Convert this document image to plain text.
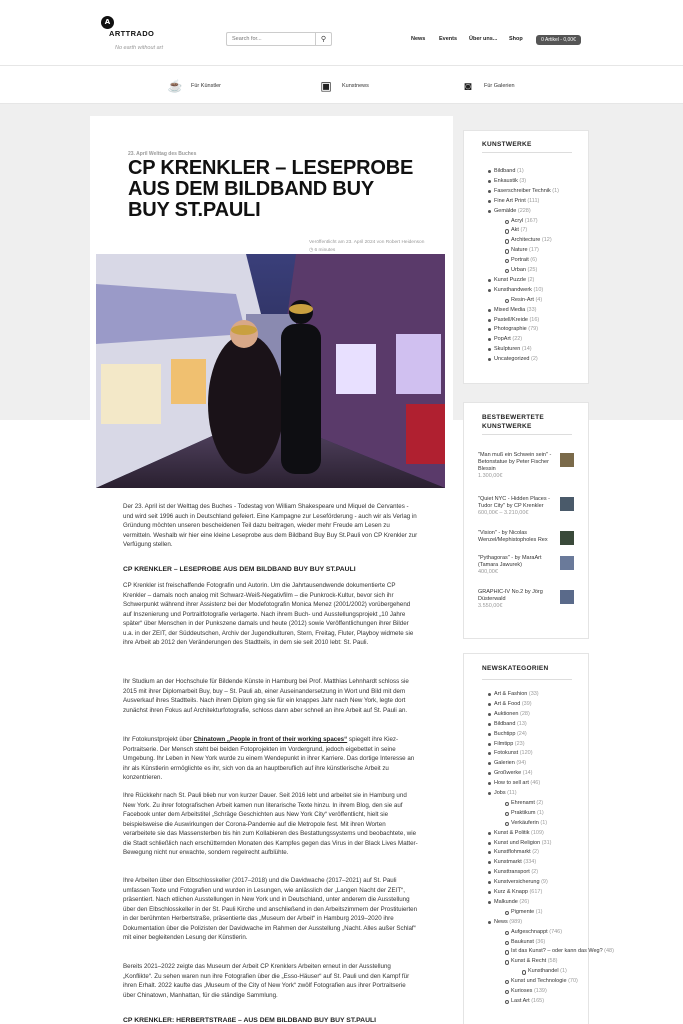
A
ARTTRADO
No earth without art
Search for...
⚲	News Events Über uns... Shop	0 Artikel - 0,00€
☕ Für Künstler	▣	Kunstnews	◙	Für Galerien
23. April Welttag des Buches
CP KRENKLER – LESEPROBE AUS DEM BILDBAND BUY BUY ST.PAULI
Veröffentlicht am 23. April 2024 von Robert Heidenson
◷ 6 minutes

Der 23. April ist der Welttag des Buches - Todestag von William Shakespeare und Miquel de Cervantes - und wird seit 1996 auch in Deutschland gefeiert. Eine Kampagne zur Leseförderung - auch wir als Verlag in Gründung möchten unseren bescheidenen Teil dazu beitragen, wieder mehr Freude am Lesen zu vermitteln. Weshalb wir hier eine kleine Leseprobe aus dem Bildband Buy Buy St.Pauli von CP Krenkler zur Verfügung stellen.

CP KRENKLER – LESEPROBE AUS DEM BILDBAND BUY BUY ST.PAULI

CP Krenkler ist freischaffende Fotografin und Autorin. Um die Jahrtausendwende dokumentierte CP Krenkler – damals noch analog mit Schwarz-Weiß-Negativfilm – die Punkrock-Kultur, bevor sich ihr Schwerpunkt während ihrer Assistenz bei der Modefotografin Monica Menez (2001/2002) vorübergehend auf Inszenierung und Portraitfotografie verlagerte. Nach ihrem Buch- und Ausstellungsprojekt „10 Jahre später“ über Menschen in der Punkszene damals und heute (2012) sowie Veröffentlichungen ihrer Bilder u.a. in der ZEIT, der Süddeutschen, Archiv der Jugendkulturen, Stern, Freitag, Fluter, Playboy widmete sie ihre Arbeit ab 2012 den Veränderungen des Stadtteils, in dem sie seit 2010 lebt: St. Pauli.

Ihr Studium an der Hochschule für Bildende Künste in Hamburg bei Prof. Matthias Lehnhardt schloss sie 2015 mit ihrer Diplomarbeit Buy, buy – St. Pauli ab, einer Auseinandersetzung in Wort und Bild mit dem Ausverkauf ihres Stadtteils. Nach ihrem Diplom ging sie für ein knappes Jahr nach New York, legte dort zunächst ihren Fokus auf Architekturfotografie, schloss dann aber schnell an ihre Arbeit auf St. Pauli an.

Ihr Fotokunstprojekt über Chinatown „People in front of their working spaces“ spiegelt ihre Kiez-Portraitserie. Der Mensch steht bei beiden Fotoprojekten im Vordergrund, jedoch eigebettet in seine Umgebung. Ihr Leben in New York wurde zu einem Wendepunkt in ihrer Karriere. Das dortige Interesse an ihr als Künstlerin ermöglichte es ihr, sich von da an hauptberuflich auf ihre künstlerische Arbeit zu konzentrieren.

Ihre Rückkehr nach St. Pauli blieb nur von kurzer Dauer. Seit 2016 lebt und arbeitet sie in Hamburg und New York. Zu ihrer fotografischen Arbeit kamen nun literarische Texte hinzu. In ihrem Blog, den sie auf Facebook unter dem Arbeitstitel „Schräge Geschichten aus New York City“ veröffentlicht, hielt sie beispielsweise die Auswirkungen der Corona-Pandemie auf die Metropole fest. Mit ihren Worten verarbeitete sie das Massensterben bis hin zum Kollabieren des Bestattungssystems und beobachtete, wie die Stadt schließlich nach erschütternden Monaten des Kampfes gegen das Virus in der Black Lives Matter-Bewegung nicht nur erwachte, sondern regelrecht aufblühte.

Ihre Arbeiten über den Elbschlosskeller (2017–2018) und die Davidwache (2017–2021) auf St. Pauli umfassen Texte und Fotografien und wurden in Lesungen, wie anlässlich der „Langen Nacht der ZEIT“, präsentiert. Nach etlichen Ausstellungen in New York und in Deutschland, unter anderem die Ausstellung über den Elbschlosskeller in der St. Pauli Kirche und anschließend in den Arbeitszimmern der Prostituierten in der berühmten Herbertstraße, präsentierte das „Museum der Arbeit“ in Hamburg 2019–2020 ihre Dokumentation über die Polizisten der Davidwache im Rahmen der Ausstellung „Nacht. Alles außer Schlaf“ mit einer begleitenden Lesung der Künstlerin.

Bereits 2021–2022 zeigte das Museum der Arbeit CP Krenklers Arbeiten erneut in der Ausstellung „Konflikte“. Zu sehen waren nun ihre Fotografien über die „Esso-Häuser“ auf St. Pauli und den Kampf für ihren Erhalt. 2022 kaufte das „Museum of the City of New York“ zwölf Fotografien aus ihrer Portraitserie über Chinatown, Manhattan, für die ständige Sammlung.

CP KRENKLER: HERBERTSTRAßE – AUS DEM BILDBAND BUY BUY ST.PAULI
KUNSTWERKE
Bildband (1)
Enkaustik (3)
Faserschreiber Technik (1)
Fine Art Print (111)
Gemälde (228)
Acryl (167)
Akt (7)
Architecture (12)
Nature (17)
Portrait (6)
Urban (25)
Kunst Puzzle (2)
Kunsthandwerk (10)
Resin-Art (4)
Mixed Media (33)
Pastell/Kreide (16)
Photographie (79)
PopArt (22)
Skulpturen (14)
Uncategorized (2)
BESTBEWERTETE KUNSTWERKE
"Man muß ein Schwein sein" - Betonstatue by Peter Fischer Blessin
1.300,00€
"Quiet NYC - Hidden Places - Tudor City" by CP Krenkler
600,00€ – 3.210,00€
"Vision" - by Nicolas Wenzel/Mephistopholes Rex
"Pythagoras" - by MaraArt (Tamara Jawurek)
400,00€
GRAPHIC-IV No.2 by Jörg Düsterwald
3.550,00€
NEWSKATEGORIEN
Art & Fashion (33)
Art & Food (39)
Auktionen (28)
Bildband (13)
Buchtipp (24)
Filmtipp (23)
Fotokunst (120)
Galerien (94)
Großwerke (14)
How to sell art (46)
Jobs (11)
Ehrenamt (2)
Praktikum (1)
Verkäuferin (1)
Kunst & Politik (109)
Kunst und Religion (31)
Kunstflohmarkt (2)
Kunstmarkt (334)
Kunsttransport (2)
Kunstversicherung (9)
Kurz & Knapp (617)
Malkunde (26)
Pigmente (1)
News (989)
Aufgeschnappt (746)
Baukunst (36)
Ist das Kunst? – oder kann das Weg? (48)
Kunst & Recht (58)
Kunsthandel (1)
Kunst und Technologie (70)
Kurioses (139)
Last Art (165)
